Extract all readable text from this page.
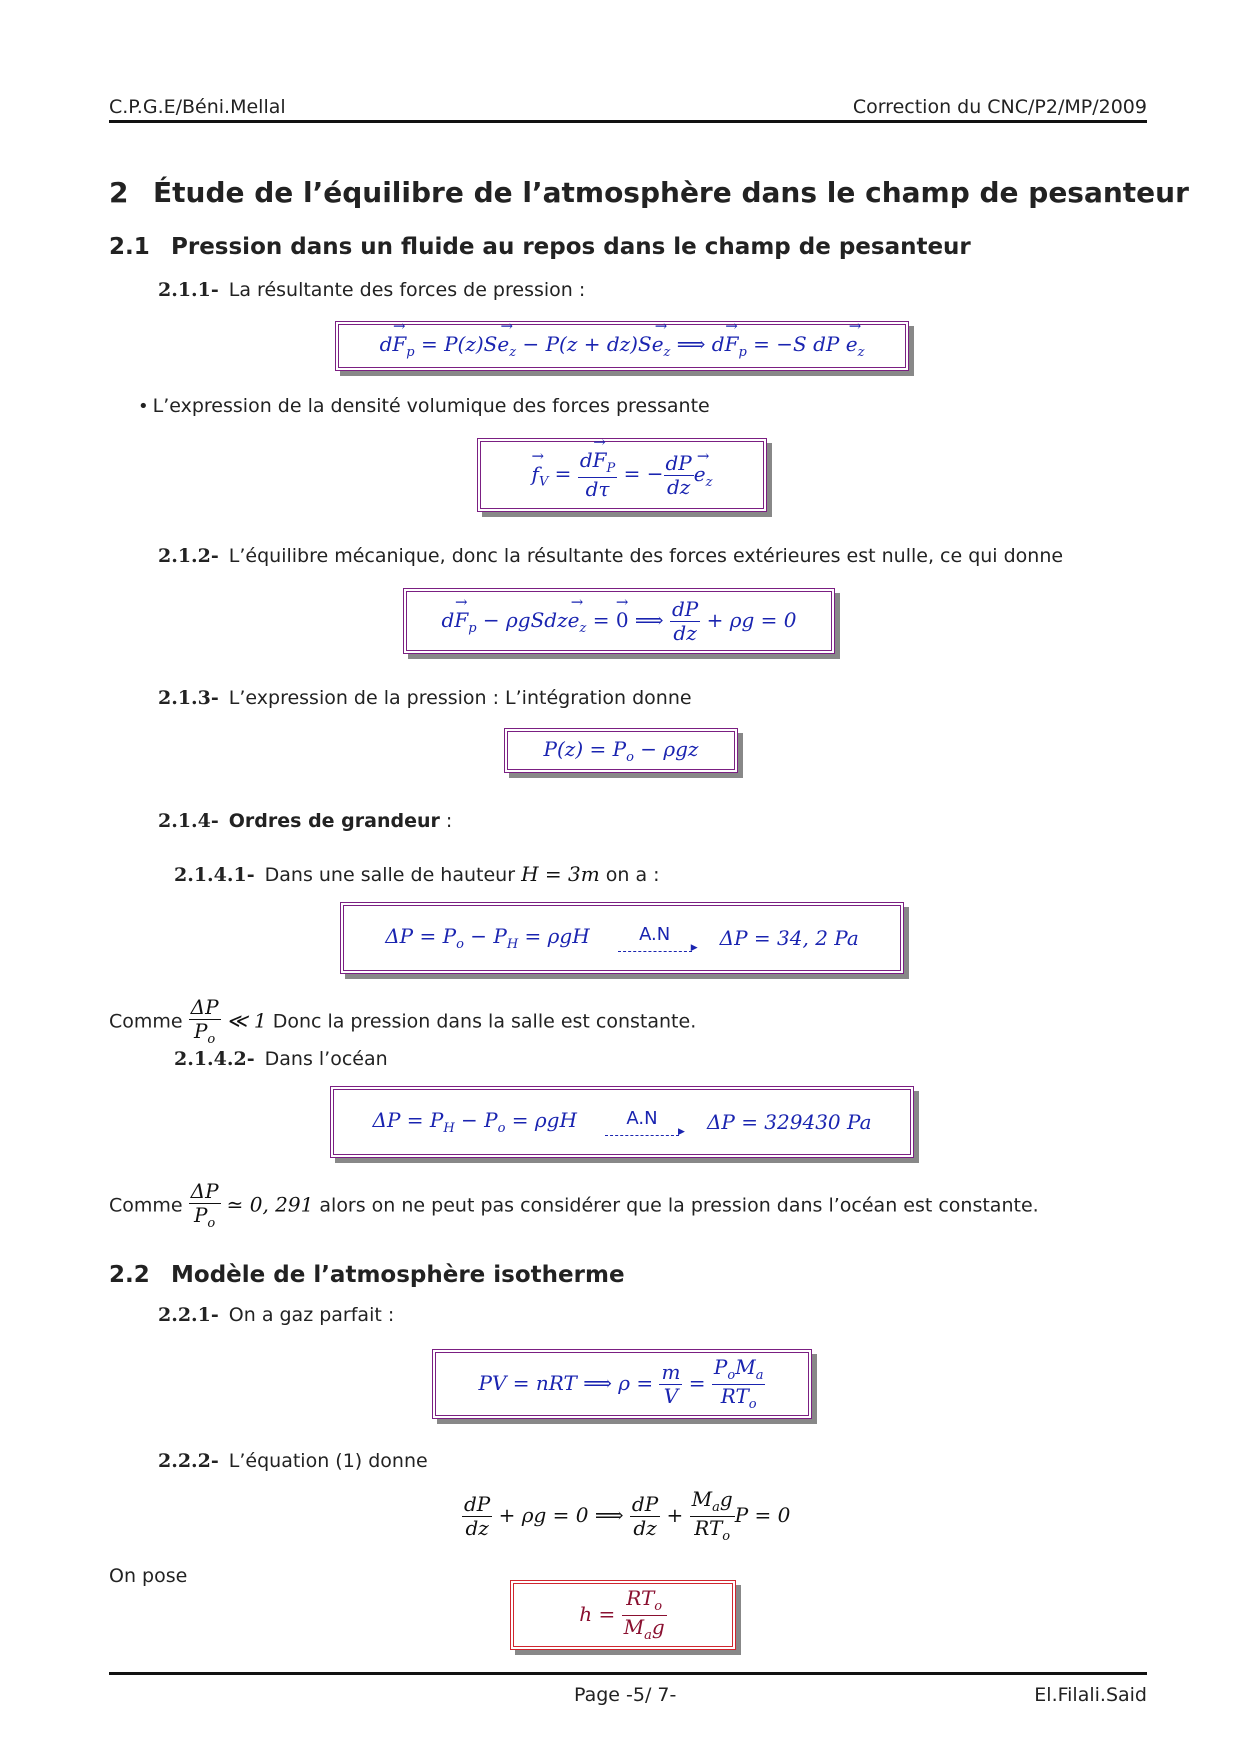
C.P.G.E/Béni.Mellal	Correction du CNC/P2/MP/2009
2 Étude de l’équilibre de l’atmosphère dans le champ de pesanteur
2.1 Pression dans un fluide au repos dans le champ de pesanteur
2.1.1- La résultante des forces de pression :
$d\to F_p = P(z)S\to e_z - P(z + dz)S\to e_z$ ⟹ $d\to F_p = -S$ dP → $e_z$
• L’expression de la densité volumique des forces pressante
→ $f_V$ =
$d\to F_P$
dτ
= − $\frac{dP}{dz}$
→ $e_z$
2.1.2- L’équilibre mécanique, donc la résultante des forces extérieures est nulle, ce qui donne
$d\to F_p$ − ρgSdz→ $e_z$ = → 0 ⟹ $\frac{dP}{dz} + \rho g = 0$
2.1.3- L’expression de la pression : L’intégration donne
$P(z) = P_o - \rho gz$
2.1.4- Ordres de grandeur :
2.1.4.1- Dans une salle de hauteur H = 3m on a :
$\Delta P = P_o - P_H = \rho gH$	A.N
▶	ΔP = 34, 2 Pa
Comme $\frac{\Delta P}{P_o}$ ≪ 1 Donc la pression dans la salle est constante.
2.1.4.2- Dans l’océan
$\Delta P = P_H - P_o = \rho gH$	A.N
▶	ΔP = 329430 Pa
Comme $\frac{\Delta P}{P_o}$ ≃ 0, 291 alors on ne peut pas considérer que la pression dans l’océan est constante.
2.2 Modèle de l’atmosphère isotherme
2.2.1- On a gaz parfait :
PV = nRT ⟹ $\rho = \frac{m}{V}$ =
$P_oM_a$
$RT_o$
2.2.2- L’équation (1) donne
$\frac{dP}{dz} + \rho g = 0$ ⟹ $\frac{dP}{dz}$ +
$M_ag$
$RT_o$
P = 0
On pose
h =
$RT_o$
$M_ag$
Page -5/ 7-	El.Filali.Said
